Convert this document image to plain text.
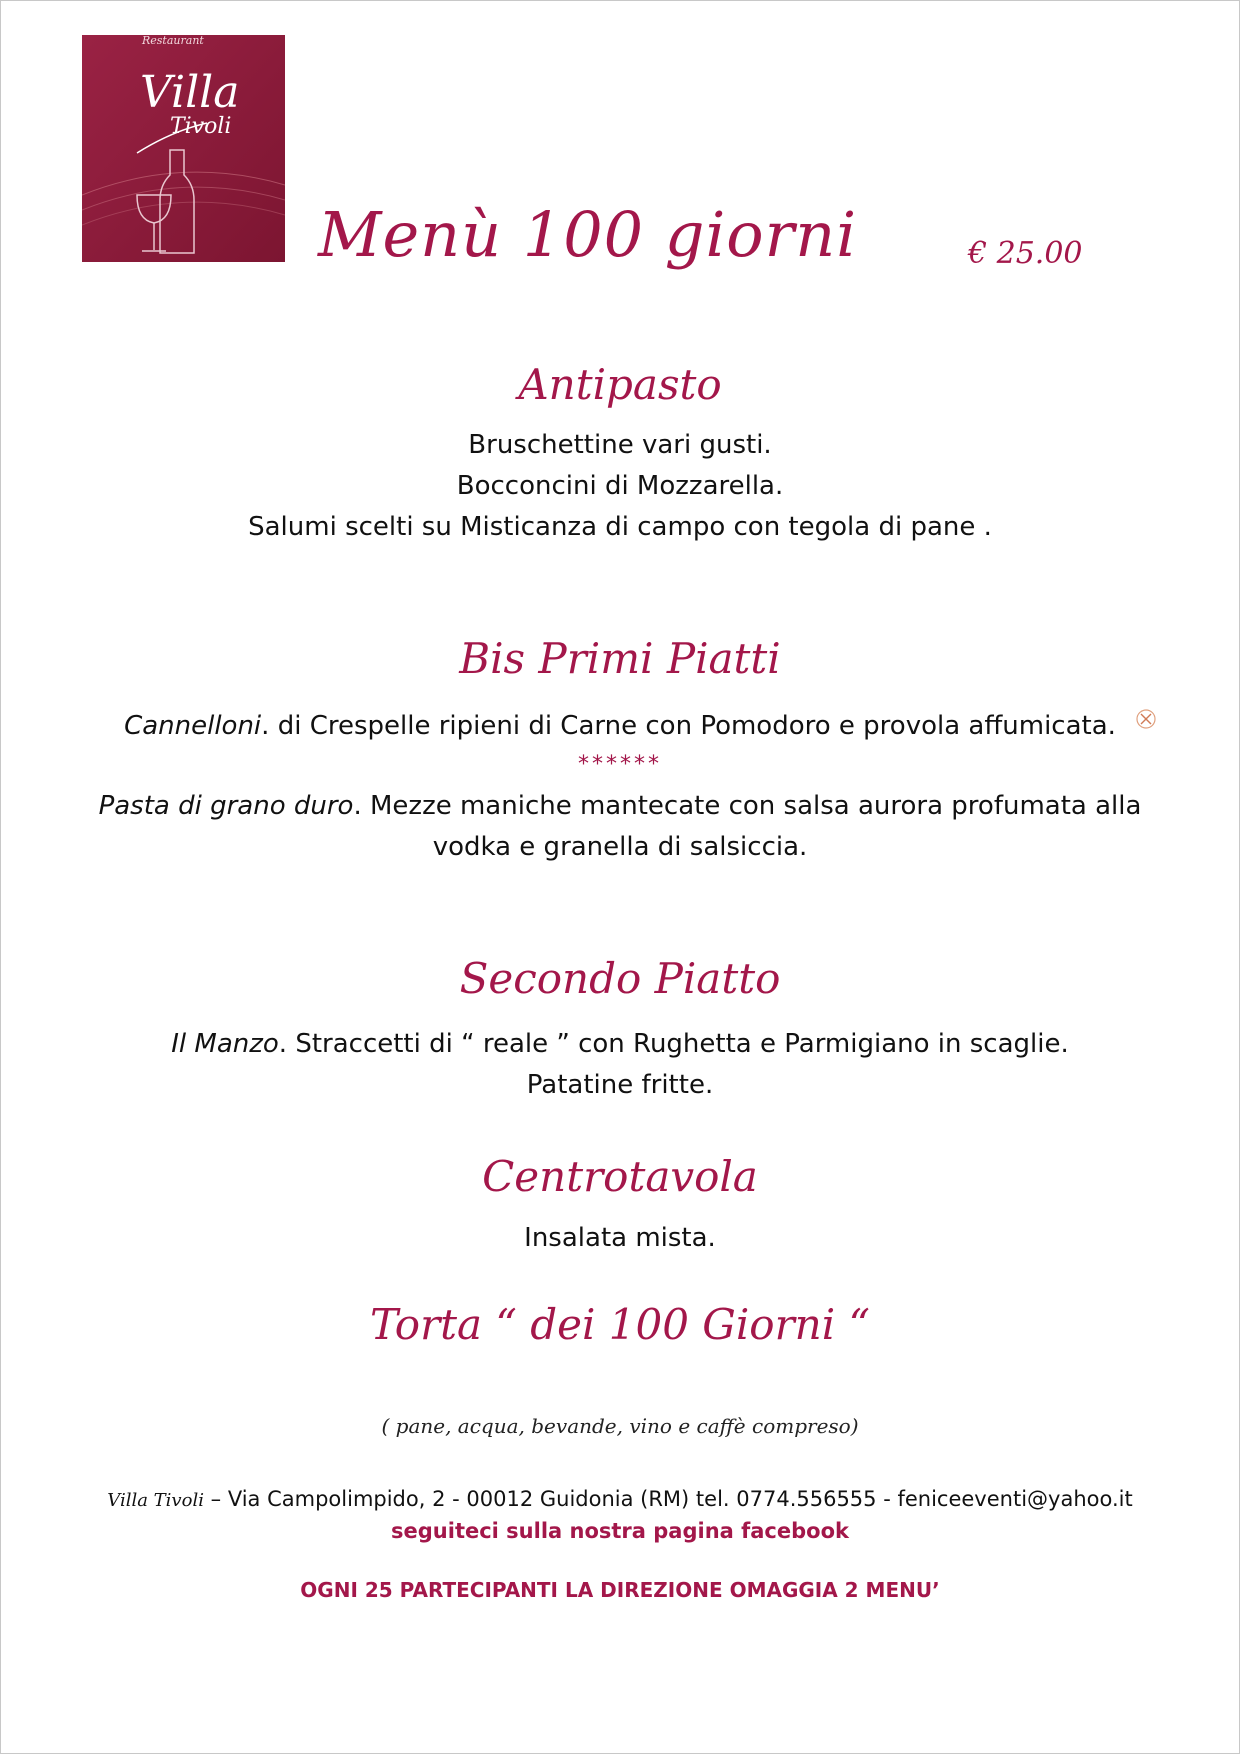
Restaurant
Villa
Tivoli
Menù 100 giorni	€ 25.00
Antipasto
Bruschettine vari gusti.
Bocconcini di Mozzarella.
Salumi scelti su Misticanza di campo con tegola di pane .
Bis Primi Piatti
Cannelloni. di Crespelle ripieni di Carne con Pomodoro e provola affumicata.
******
Pasta di grano duro. Mezze maniche mantecate con salsa aurora profumata alla
vodka e granella di salsiccia.
Secondo Piatto
Il Manzo. Straccetti di “ reale ” con Rughetta e Parmigiano in scaglie.
Patatine fritte.
Centrotavola
Insalata mista.
Torta “ dei 100 Giorni “
( pane, acqua, bevande, vino e caffè compreso)
Villa Tivoli – Via Campolimpido, 2 - 00012 Guidonia (RM) tel. 0774.556555 - feniceeventi@yahoo.it
seguiteci sulla nostra pagina facebook
OGNI 25 PARTECIPANTI LA DIREZIONE OMAGGIA 2 MENU’
